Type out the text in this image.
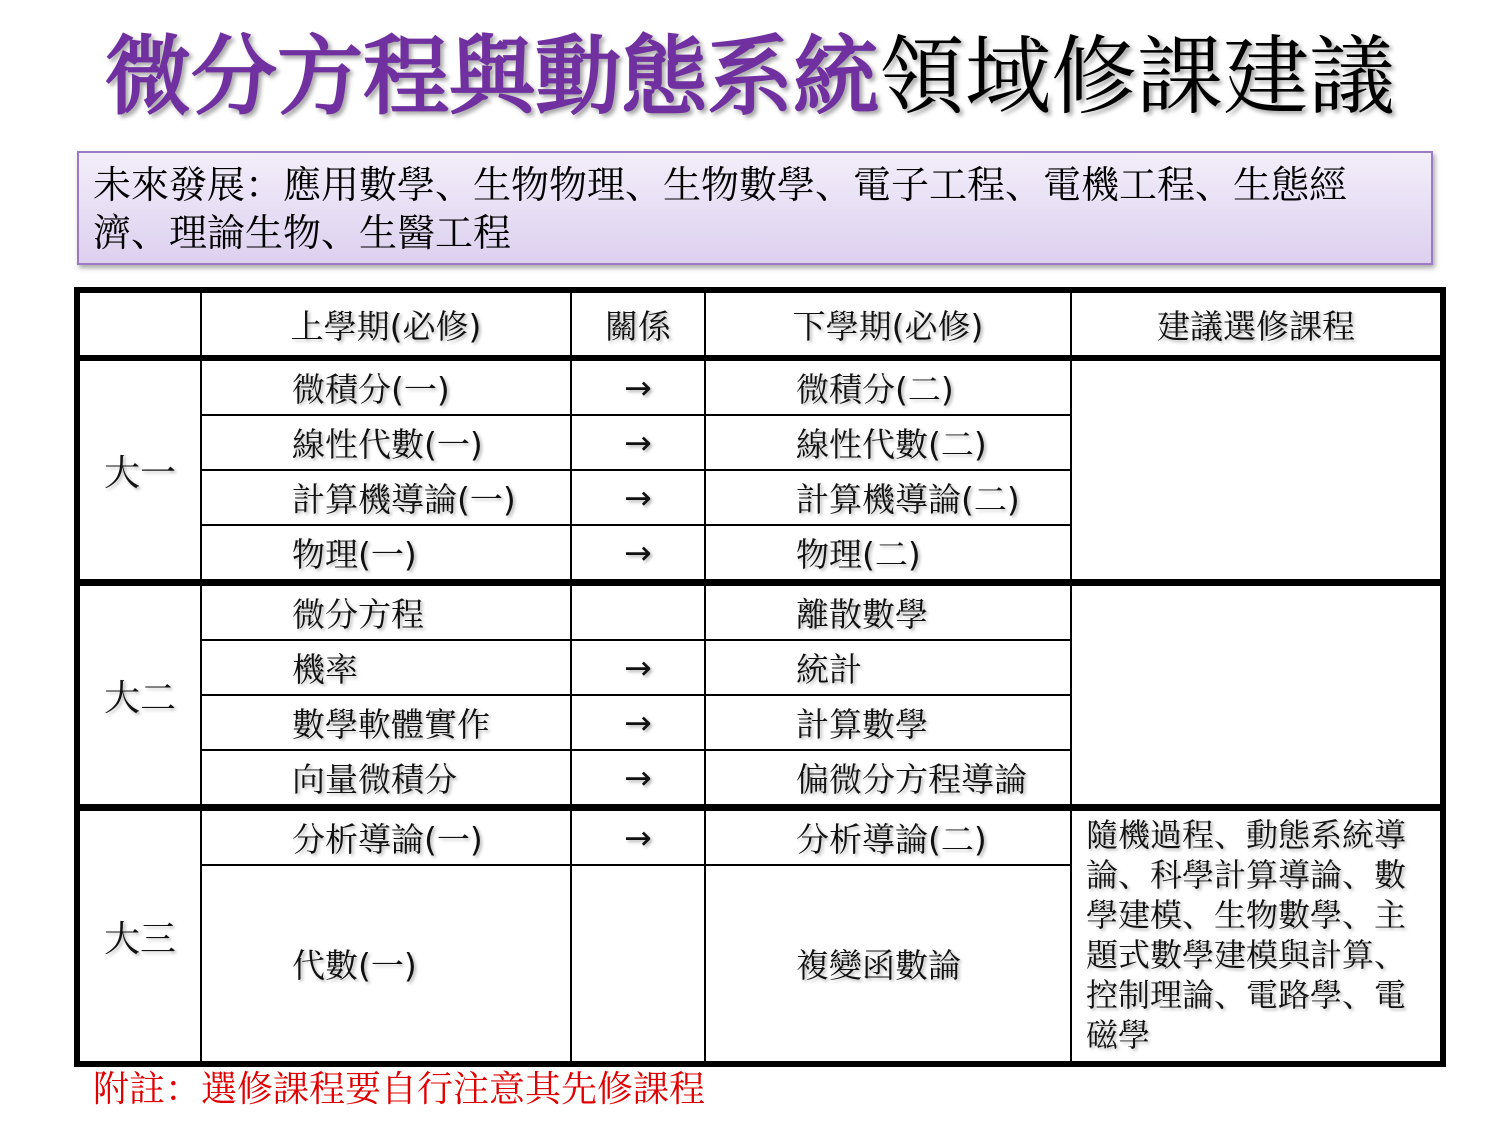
微分方程與動態系統領域修課建議
未來發展：應用數學、生物物理、生物數學、電子工程、電機工程、生態經濟、理論生物、生醫工程
	上學期(必修)	關係	下學期(必修)	建議選修課程
大一	微積分(一)	→	微積分(二)	
	線性代數(一)	→	線性代數(二)	
	計算機導論(一)	→	計算機導論(二)	
	物理(一)	→	物理(二)	
大二	微分方程		離散數學	
	機率	→	統計	
	數學軟體實作	→	計算數學	
	向量微積分	→	偏微分方程導論	
大三	分析導論(一)	→	分析導論(二)	隨機過程、動態系統導論、科學計算導論、數學建模、生物數學、主題式數學建模與計算、控制理論、電路學、電磁學
	代數(一)		複變函數論	
附註：選修課程要自行注意其先修課程
